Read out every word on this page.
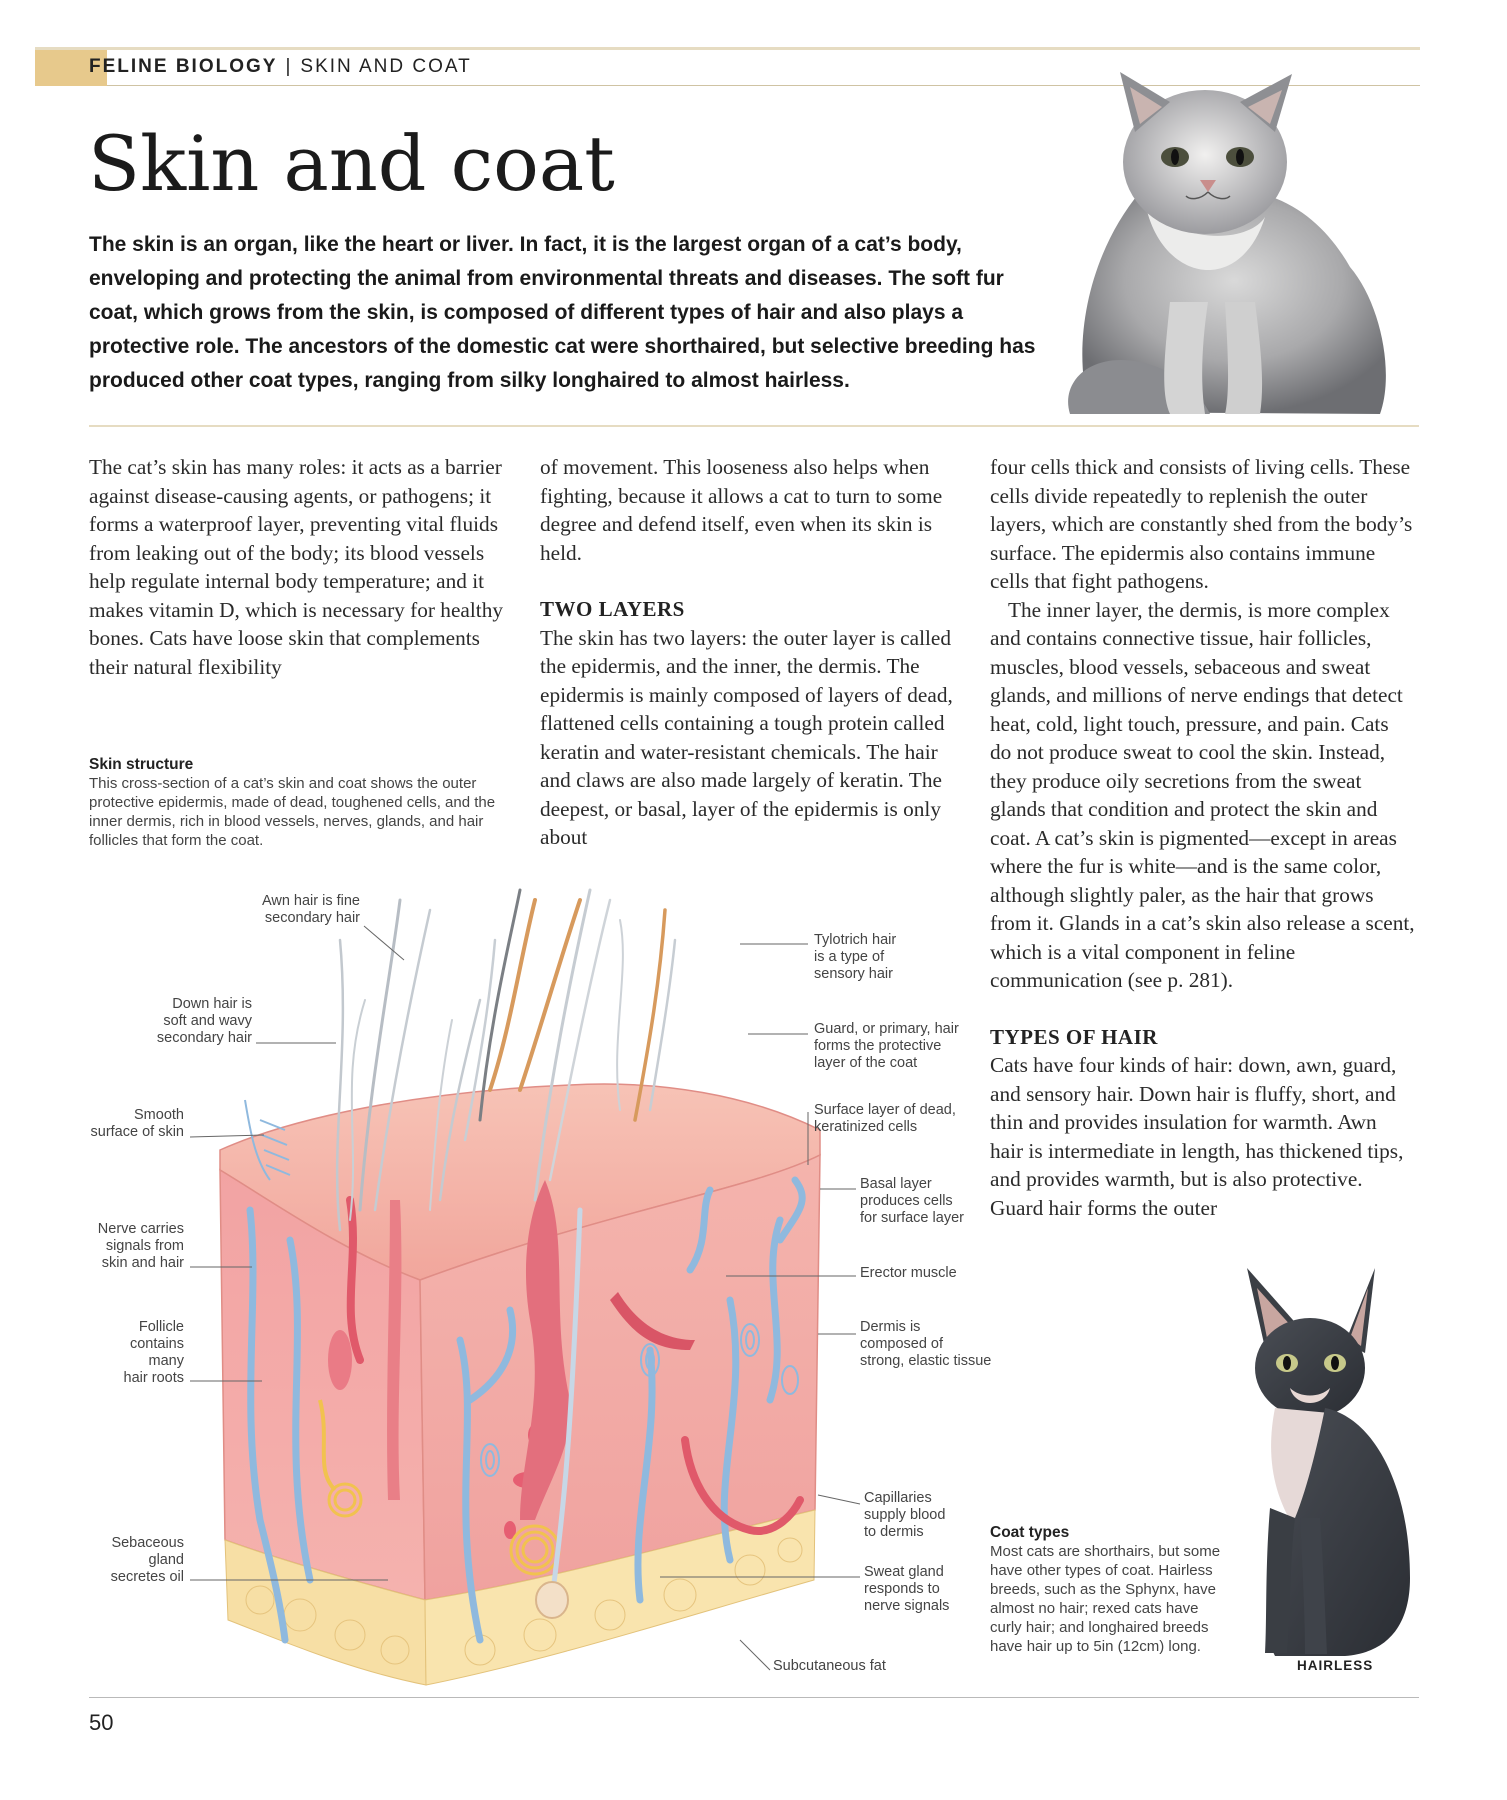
FELINE BIOLOGY | SKIN AND COAT
Skin and coat

The skin is an organ, like the heart or liver. In fact, it is the largest organ of a cat’s body, enveloping and protecting the animal from environmental threats and diseases. The soft fur coat, which grows from the skin, is composed of different types of hair and also plays a protective role. The ancestors of the domestic cat were shorthaired, but selective breeding has produced other coat types, ranging from silky longhaired to almost hairless.

The cat’s skin has many roles: it acts as a barrier against disease-causing agents, or pathogens; it forms a waterproof layer, preventing vital fluids from leaking out of the body; its blood vessels help regulate internal body temperature; and it makes vitamin D, which is necessary for healthy bones. Cats have loose skin that complements their natural flexibility

of movement. This looseness also helps when fighting, because it allows a cat to turn to some degree and defend itself, even when its skin is held.

TWO LAYERS

The skin has two layers: the outer layer is called the epidermis, and the inner, the dermis. The epidermis is mainly composed of layers of dead, flattened cells containing a tough protein called keratin and water-resistant chemicals. The hair and claws are also made largely of keratin. The deepest, or basal, layer of the epidermis is only about

four cells thick and consists of living cells. These cells divide repeatedly to replenish the outer layers, which are constantly shed from the body’s surface. The epidermis also contains immune cells that fight pathogens.

The inner layer, the dermis, is more complex and contains connective tissue, hair follicles, muscles, blood vessels, sebaceous and sweat glands, and millions of nerve endings that detect heat, cold, light touch, pressure, and pain. Cats do not produce sweat to cool the skin. Instead, they produce oily secretions from the sweat glands that condition and protect the skin and coat. A cat’s skin is pigmented—except in areas where the fur is white—and is the same color, although slightly paler, as the hair that grows from it. Glands in a cat’s skin also release a scent, which is a vital component in feline communication (see p. 281).

TYPES OF HAIR

Cats have four kinds of hair: down, awn, guard, and sensory hair. Down hair is fluffy, short, and thin and provides insulation for warmth. Awn hair is intermediate in length, has thickened tips, and provides warmth, but is also protective. Guard hair forms the outer

Skin structure

This cross-section of a cat’s skin and coat shows the outer protective epidermis, made of dead, toughened cells, and the inner dermis, rich in blood vessels, nerves, glands, and hair follicles that form the coat.

Awn hair is fine
secondary hair
Down hair is
soft and wavy
secondary hair
Smooth
surface of skin
Nerve carries
signals from
skin and hair
Follicle
contains
many
hair roots
Sebaceous
gland
secretes oil
Tylotrich hair
is a type of
sensory hair
Guard, or primary, hair
forms the protective
layer of the coat
Surface layer of dead,
keratinized cells
Basal layer
produces cells
for surface layer
Erector muscle
Dermis is
composed of
strong, elastic tissue
Capillaries
supply blood
to dermis
Sweat gland
responds to
nerve signals
Subcutaneous fat

Coat types

Most cats are shorthairs, but some have other types of coat. Hairless breeds, such as the Sphynx, have almost no hair; rexed cats have curly hair; and longhaired breeds have hair up to 5in (12cm) long.

HAIRLESS
50
